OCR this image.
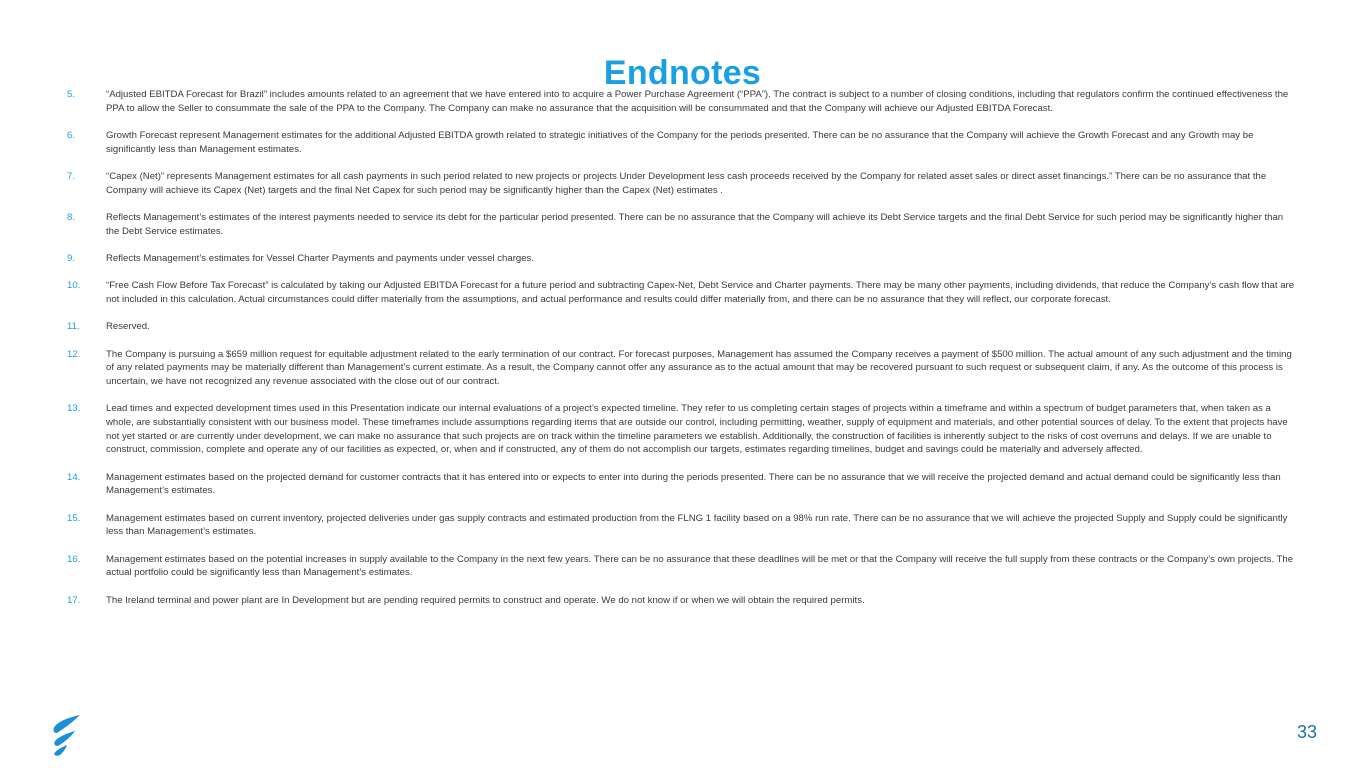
Endnotes
5.	“Adjusted EBITDA Forecast for Brazil” includes amounts related to an agreement that we have entered into to acquire a Power Purchase Agreement (“PPA”). The contract is subject to a number of closing conditions, including that regulators confirm the continued effectiveness the PPA to allow the Seller to consummate the sale of the PPA to the Company. The Company can make no assurance that the acquisition will be consummated and that the Company will achieve our Adjusted EBITDA Forecast.
6.	Growth Forecast represent Management estimates for the additional Adjusted EBITDA growth related to strategic initiatives of the Company for the periods presented. There can be no assurance that the Company will achieve the Growth Forecast and any Growth may be significantly less than Management estimates.
7.	“Capex (Net)” represents Management estimates for all cash payments in such period related to new projects or projects Under Development less cash proceeds received by the Company for related asset sales or direct asset financings.” There can be no assurance that the Company will achieve its Capex (Net) targets and the final Net Capex for such period may be significantly higher than the Capex (Net) estimates .
8.	Reflects Management’s estimates of the interest payments needed to service its debt for the particular period presented. There can be no assurance that the Company will achieve its Debt Service targets and the final Debt Service for such period may be significantly higher than the Debt Service estimates.
9.	Reflects Management’s estimates for Vessel Charter Payments and payments under vessel charges.
10.	“Free Cash Flow Before Tax Forecast” is calculated by taking our Adjusted EBITDA Forecast for a future period and subtracting Capex-Net, Debt Service and Charter payments. There may be many other payments, including dividends, that reduce the Company’s cash flow that are not included in this calculation. Actual circumstances could differ materially from the assumptions, and actual performance and results could differ materially from, and there can be no assurance that they will reflect, our corporate forecast.
11.	Reserved.
12.	The Company is pursuing a $659 million request for equitable adjustment related to the early termination of our contract. For forecast purposes, Management has assumed the Company receives a payment of $500 million. The actual amount of any such adjustment and the timing of any related payments may be materially different than Management’s current estimate. As a result, the Company cannot offer any assurance as to the actual amount that may be recovered pursuant to such request or subsequent claim, if any. As the outcome of this process is uncertain, we have not recognized any revenue associated with the close out of our contract.
13.	Lead times and expected development times used in this Presentation indicate our internal evaluations of a project’s expected timeline. They refer to us completing certain stages of projects within a timeframe and within a spectrum of budget parameters that, when taken as a whole, are substantially consistent with our business model. These timeframes include assumptions regarding items that are outside our control, including permitting, weather, supply of equipment and materials, and other potential sources of delay. To the extent that projects have not yet started or are currently under development, we can make no assurance that such projects are on track within the timeline parameters we establish. Additionally, the construction of facilities is inherently subject to the risks of cost overruns and delays. If we are unable to construct, commission, complete and operate any of our facilities as expected, or, when and if constructed, any of them do not accomplish our targets, estimates regarding timelines, budget and savings could be materially and adversely affected.
14.	Management estimates based on the projected demand for customer contracts that it has entered into or expects to enter into during the periods presented. There can be no assurance that we will receive the projected demand and actual demand could be significantly less than Management’s estimates.
15.	Management estimates based on current inventory, projected deliveries under gas supply contracts and estimated production from the FLNG 1 facility based on a 98% run rate. There can be no assurance that we will achieve the projected Supply and Supply could be significantly less than Management’s estimates.
16.	Management estimates based on the potential increases in supply available to the Company in the next few years. There can be no assurance that these deadlines will be met or that the Company will receive the full supply from these contracts or the Company’s own projects. The actual portfolio could be significantly less than Management’s estimates.
17.	The Ireland terminal and power plant are In Development but are pending required permits to construct and operate. We do not know if or when we will obtain the required permits.
33
